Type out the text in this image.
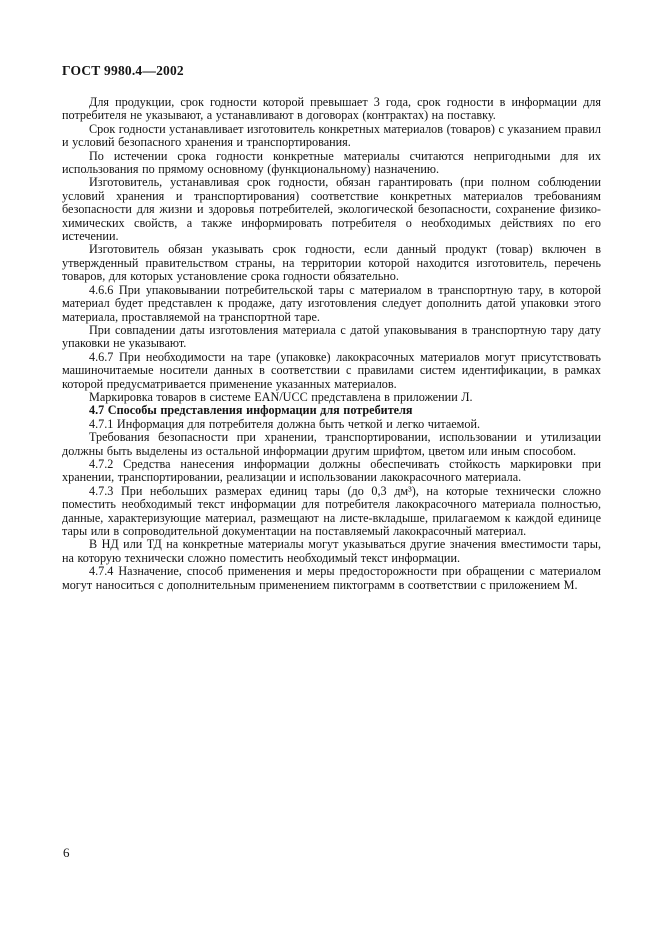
ГОСТ 9980.4—2002

Для продукции, срок годности которой превышает 3 года, срок годности в информации для потребителя не указывают, а устанавливают в договорах (контрактах) на поставку.

Срок годности устанавливает изготовитель конкретных материалов (товаров) с указанием правил и условий безопасного хранения и транспортирования.

По истечении срока годности конкретные материалы считаются непригодными для их использования по прямому основному (функциональному) назначению.

Изготовитель, устанавливая срок годности, обязан гарантировать (при полном соблюдении условий хранения и транспортирования) соответствие конкретных материалов требованиям безопасности для жизни и здоровья потребителей, экологической безопасности, сохранение физико-химических свойств, а также информировать потребителя о необходимых действиях по его истечении.

Изготовитель обязан указывать срок годности, если данный продукт (товар) включен в утвержденный правительством страны, на территории которой находится изготовитель, перечень товаров, для которых установление срока годности обязательно.

4.6.6 При упаковывании потребительской тары с материалом в транспортную тару, в которой материал будет представлен к продаже, дату изготовления следует дополнить датой упаковки этого материала, проставляемой на транспортной таре.

При совпадении даты изготовления материала с датой упаковывания в транспортную тару дату упаковки не указывают.

4.6.7 При необходимости на таре (упаковке) лакокрасочных материалов могут присутствовать машиночитаемые носители данных в соответствии с правилами систем идентификации, в рамках которой предусматривается применение указанных материалов.

Маркировка товаров в системе EAN/UCC представлена в приложении Л.

4.7 Способы представления информации для потребителя

4.7.1 Информация для потребителя должна быть четкой и легко читаемой.

Требования безопасности при хранении, транспортировании, использовании и утилизации должны быть выделены из остальной информации другим шрифтом, цветом или иным способом.

4.7.2 Средства нанесения информации должны обеспечивать стойкость маркировки при хранении, транспортировании, реализации и использовании лакокрасочного материала.

4.7.3 При небольших размерах единиц тары (до 0,3 дм³), на которые технически сложно поместить необходимый текст информации для потребителя лакокрасочного материала полностью, данные, характеризующие материал, размещают на листе-вкладыше, прилагаемом к каждой единице тары или в сопроводительной документации на поставляемый лакокрасочный материал.

В НД или ТД на конкретные материалы могут указываться другие значения вместимости тары, на которую технически сложно поместить необходимый текст информации.

4.7.4 Назначение, способ применения и меры предосторожности при обращении с материалом могут наноситься с дополнительным применением пиктограмм в соответствии с приложением М.

6
